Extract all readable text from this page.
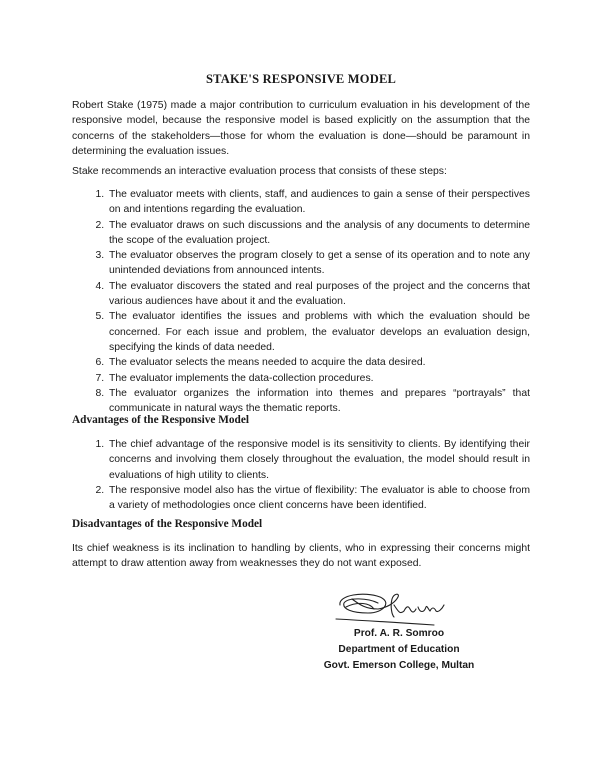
STAKE'S RESPONSIVE MODEL

Robert Stake (1975) made a major contribution to curriculum evaluation in his development of the responsive model, because the responsive model is based explicitly on the assumption that the concerns of the stakeholders—those for whom the evaluation is done—should be paramount in determining the evaluation issues.

Stake recommends an interactive evaluation process that consists of these steps:

1. The evaluator meets with clients, staff, and audiences to gain a sense of their perspectives on and intentions regarding the evaluation.
2. The evaluator draws on such discussions and the analysis of any documents to determine the scope of the evaluation project.
3. The evaluator observes the program closely to get a sense of its operation and to note any unintended deviations from announced intents.
4. The evaluator discovers the stated and real purposes of the project and the concerns that various audiences have about it and the evaluation.
5. The evaluator identifies the issues and problems with which the evaluation should be concerned. For each issue and problem, the evaluator develops an evaluation design, specifying the kinds of data needed.
6. The evaluator selects the means needed to acquire the data desired.
7. The evaluator implements the data-collection procedures.
8. The evaluator organizes the information into themes and prepares “portrayals” that communicate in natural ways the thematic reports.
Advantages of the Responsive Model
1. The chief advantage of the responsive model is its sensitivity to clients. By identifying their concerns and involving them closely throughout the evaluation, the model should result in evaluations of high utility to clients.
2. The responsive model also has the virtue of flexibility: The evaluator is able to choose from a variety of methodologies once client concerns have been identified.
Disadvantages of the Responsive Model

Its chief weakness is its inclination to handling by clients, who in expressing their concerns might attempt to draw attention away from weaknesses they do not want exposed.

Prof. A. R. Somroo
Department of Education
Govt. Emerson College, Multan
